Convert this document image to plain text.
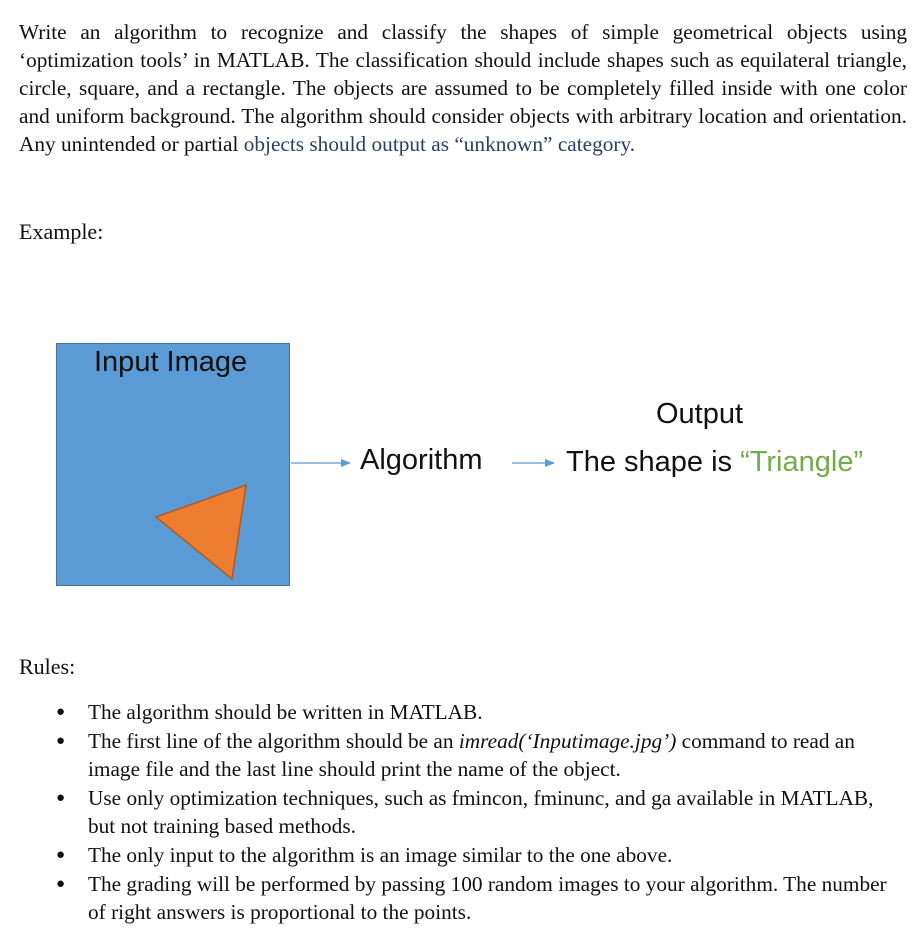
Write an algorithm to recognize and classify the shapes of simple geometrical objects using ‘optimization tools’ in MATLAB. The classification should include shapes such as equilateral triangle, circle, square, and a rectangle. The objects are assumed to be completely filled inside with one color and uniform background. The algorithm should consider objects with arbitrary location and orientation. Any unintended or partial objects should output as “unknown” category.

Example:

Input Image
Output
Algorithm	The shape is “Triangle”

Rules:

● The algorithm should be written in MATLAB.
● The first line of the algorithm should be an imread(‘Inputimage.jpg’) command to read an image file and the last line should print the name of the object.
● Use only optimization techniques, such as fmincon, fminunc, and ga available in MATLAB, but not training based methods.
● The only input to the algorithm is an image similar to the one above.
● The grading will be performed by passing 100 random images to your algorithm. The number of right answers is proportional to the points.
